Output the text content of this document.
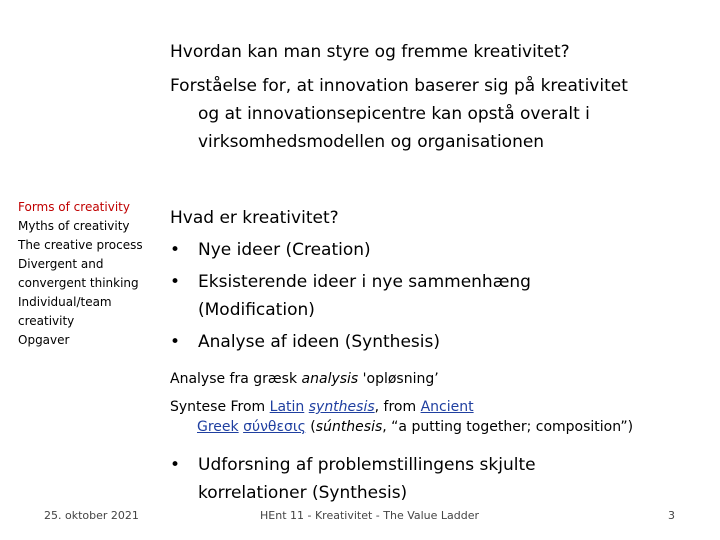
Hvordan kan man styre og fremme kreativitet?
Forståelse for, at innovation baserer sig på kreativitet
og at innovationsepicentre kan opstå overalt i
virksomhedsmodellen og organisationen
Forms of creativity
Myths of creativity
The creative process
Divergent and
convergent thinking
Individual/team
creativity
Opgaver
Hvad er kreativitet?
• Nye ideer (Creation)
• Eksisterende ideer i nye sammenhæng
(Modification)
• Analyse af ideen (Synthesis)
Analyse fra græsk analysis 'opløsning’
Syntese From Latin synthesis, from Ancient
Greek σύνθεσις (súnthesis, “a putting together; composition”)
• Udforsning af problemstillingens skjulte
korrelationer (Synthesis)
25. oktober 2021	HEnt 11 - Kreativitet - The Value Ladder	3
